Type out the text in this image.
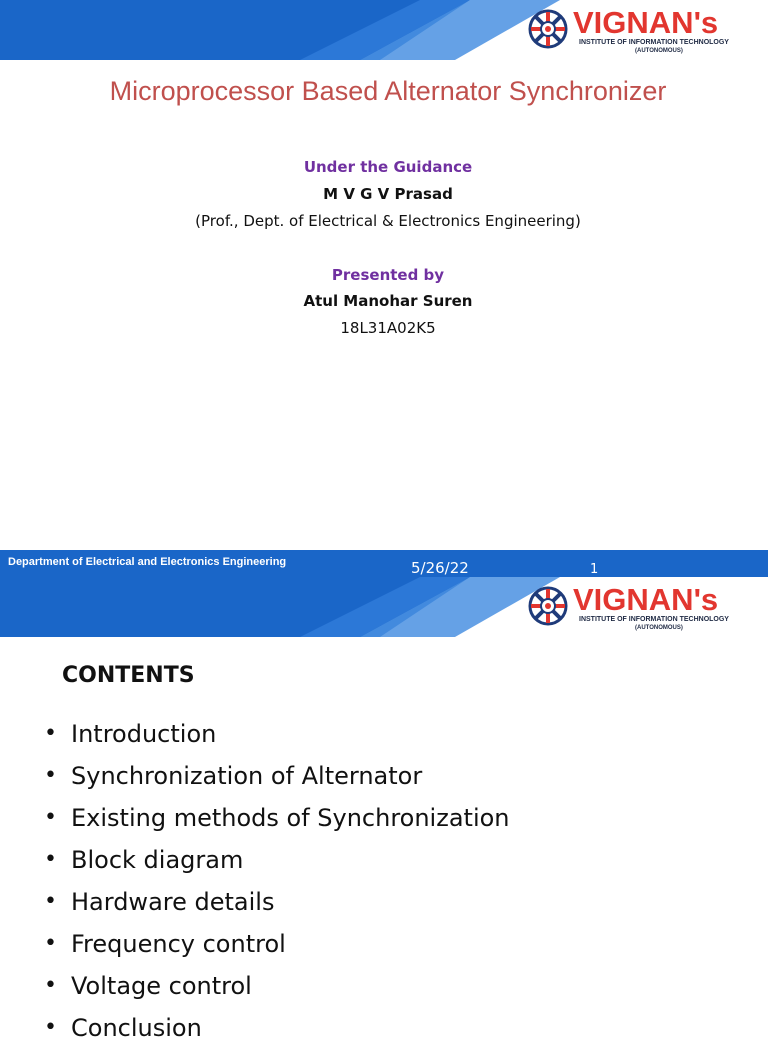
VIGNAN's
INSTITUTE OF INFORMATION TECHNOLOGY
(AUTONOMOUS)
Microprocessor Based Alternator Synchronizer
Under the Guidance
M V G V Prasad
(Prof., Dept. of Electrical & Electronics Engineering)
Presented by
Atul Manohar Suren
18L31A02K5
Department of Electrical and Electronics Engineering	5/26/22	1
VIGNAN's
INSTITUTE OF INFORMATION TECHNOLOGY
(AUTONOMOUS)
CONTENTS
• Introduction
• Synchronization of Alternator
• Existing methods of Synchronization
• Block diagram
• Hardware details
• Frequency control
• Voltage control
• Conclusion
